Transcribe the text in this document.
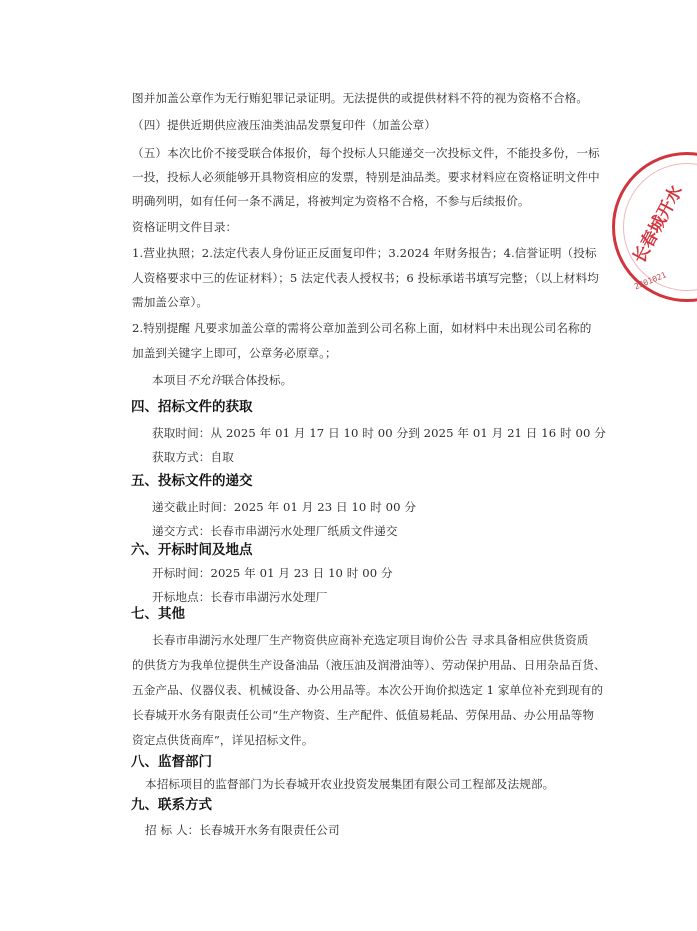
图并加盖公章作为无行贿犯罪记录证明。无法提供的或提供材料不符的视为资格不合格。
（四）提供近期供应液压油类油品发票复印件（加盖公章）
（五）本次比价不接受联合体报价，每个投标人只能递交一次投标文件，不能投多份，一标
一投，投标人必须能够开具物资相应的发票，特别是油品类。要求材料应在资格证明文件中
明确列明，如有任何一条不满足，将被判定为资格不合格，不参与后续报价。
资格证明文件目录：
1.营业执照；2.法定代表人身份证正反面复印件；3.2024 年财务报告；4.信誉证明（投标
人资格要求中三的佐证材料）；5 法定代表人授权书；6 投标承诺书填写完整；（以上材料均
需加盖公章）。
2.特别提醒 凡要求加盖公章的需将公章加盖到公司名称上面，如材料中未出现公司名称的
加盖到关键字上即可，公章务必原章。；
本项目不允许联合体投标。
四、招标文件的获取
获取时间：从 2025 年 01 月 17 日 10 时 00 分到 2025 年 01 月 21 日 16 时 00 分
获取方式：自取
五、投标文件的递交
递交截止时间：2025 年 01 月 23 日 10 时 00 分
递交方式：长春市串湖污水处理厂纸质文件递交
六、开标时间及地点
开标时间：2025 年 01 月 23 日 10 时 00 分
开标地点：长春市串湖污水处理厂
七、其他
长春市串湖污水处理厂生产物资供应商补充选定项目询价公告 寻求具备相应供货资质
的供货方为我单位提供生产设备油品（液压油及润滑油等）、劳动保护用品、日用杂品百货、
五金产品、仪器仪表、机械设备、办公用品等。本次公开询价拟选定 1 家单位补充到现有的
长春城开水务有限责任公司“生产物资、生产配件、低值易耗品、劳保用品、办公用品等物
资定点供货商库”，详见招标文件。
八、监督部门
本招标项目的监督部门为长春城开农业投资发展集团有限公司工程部及法规部。
九、联系方式
招 标 人：长春城开水务有限责任公司
长春城开水
2201021
